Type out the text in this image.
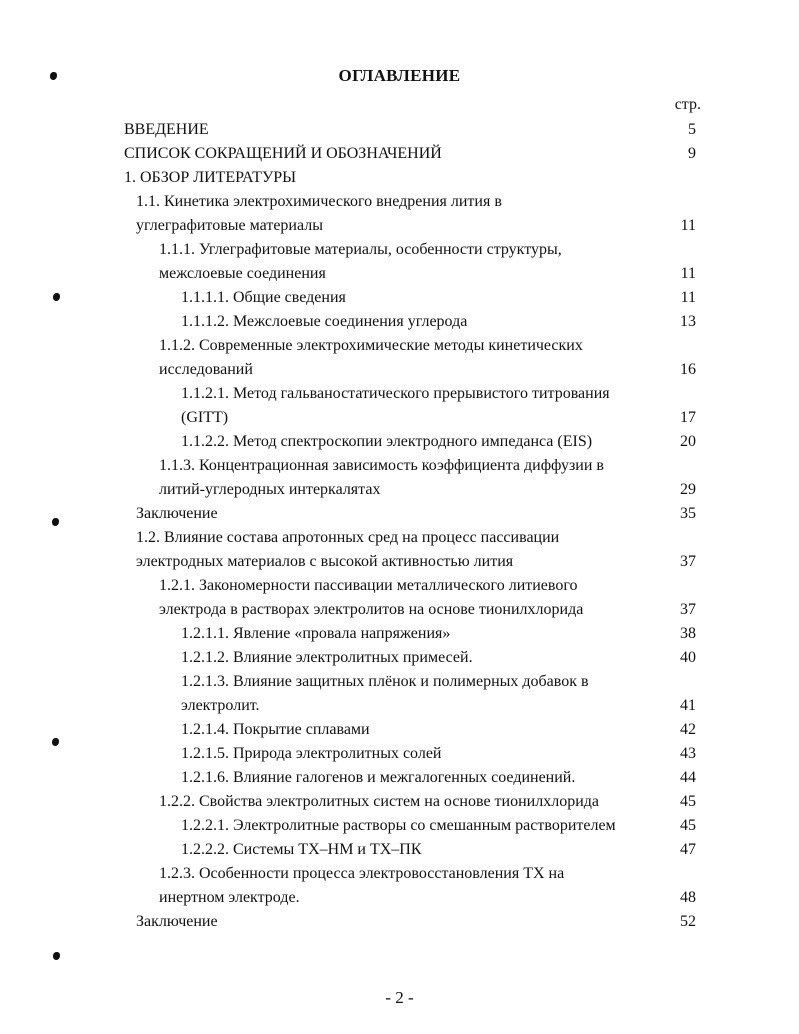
ОГЛАВЛЕНИЕ
стр.
ВВЕДЕНИЕ	5
СПИСОК СОКРАЩЕНИЙ И ОБОЗНАЧЕНИЙ	9
1. ОБЗОР ЛИТЕРАТУРЫ
1.1. Кинетика электрохимического внедрения лития в
углеграфитовые материалы	11
1.1.1. Углеграфитовые материалы, особенности структуры,
межслоевые соединения	11
1.1.1.1. Общие сведения	11
1.1.1.2. Межслоевые соединения углерода	13
1.1.2. Современные электрохимические методы кинетических
исследований	16
1.1.2.1. Метод гальваностатического прерывистого титрования
(GITT)	17
1.1.2.2. Метод спектроскопии электродного импеданса (EIS)	20
1.1.3. Концентрационная зависимость коэффициента диффузии в
литий-углеродных интеркалятах	29
Заключение	35
1.2. Влияние состава апротонных сред на процесс пассивации
электродных материалов с высокой активностью лития	37
1.2.1. Закономерности пассивации металлического литиевого
электрода в растворах электролитов на основе тионилхлорида	37
1.2.1.1. Явление «провала напряжения»	38
1.2.1.2. Влияние электролитных примесей.	40
1.2.1.3. Влияние защитных плёнок и полимерных добавок в
электролит.	41
1.2.1.4. Покрытие сплавами	42
1.2.1.5. Природа электролитных солей	43
1.2.1.6. Влияние галогенов и межгалогенных соединений.	44
1.2.2. Свойства электролитных систем на основе тионилхлорида	45
1.2.2.1. Электролитные растворы со смешанным растворителем	45
1.2.2.2. Системы ТХ–НМ и ТХ–ПК	47
1.2.3. Особенности процесса электровосстановления ТХ на
инертном электроде.	48
Заключение	52
- 2 -
